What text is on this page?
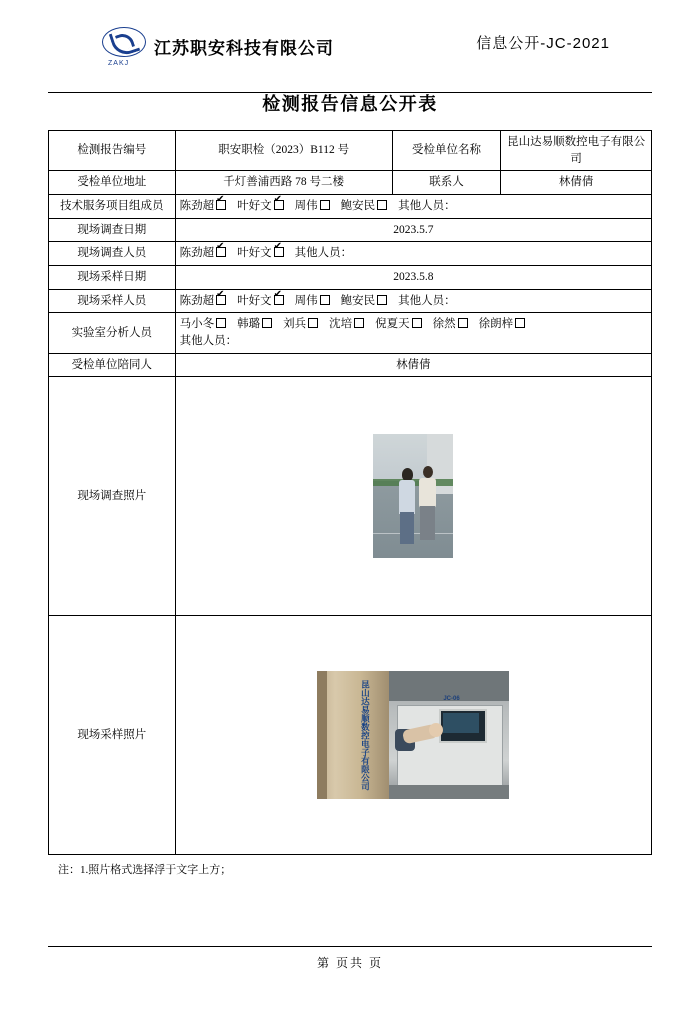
ZAKJ
江苏职安科技有限公司	信息公开-JC-2021
检测报告信息公开表
检测报告编号	职安职检（2023）B112 号	受检单位名称	昆山达易顺数控电子有限公司
受检单位地址	千灯善浦西路 78 号二楼	联系人	林倩倩
技术服务项目组成员	陈劲超 ✔ 叶好文 ✔ 周伟 鲍安民 其他人员：
现场调查日期	2023.5.7		
现场调查人员	陈劲超 ✔ 叶好文 ✔ 其他人员：
现场采样日期	2023.5.8		
现场采样人员	陈劲超 ✔ 叶好文 ✔ 周伟 鲍安民 其他人员：
实验室分析人员	马小冬 韩璐 刘兵 沈培 倪夏天 徐然 徐朗梓
其他人员：		

受检单位陪同人	林倩倩		
现场调查照片			

现场采样照片	昆山达易顺数控电子有限公司 JC-06		
注：1.照片格式选择浮于文字上方；
第 页共 页
